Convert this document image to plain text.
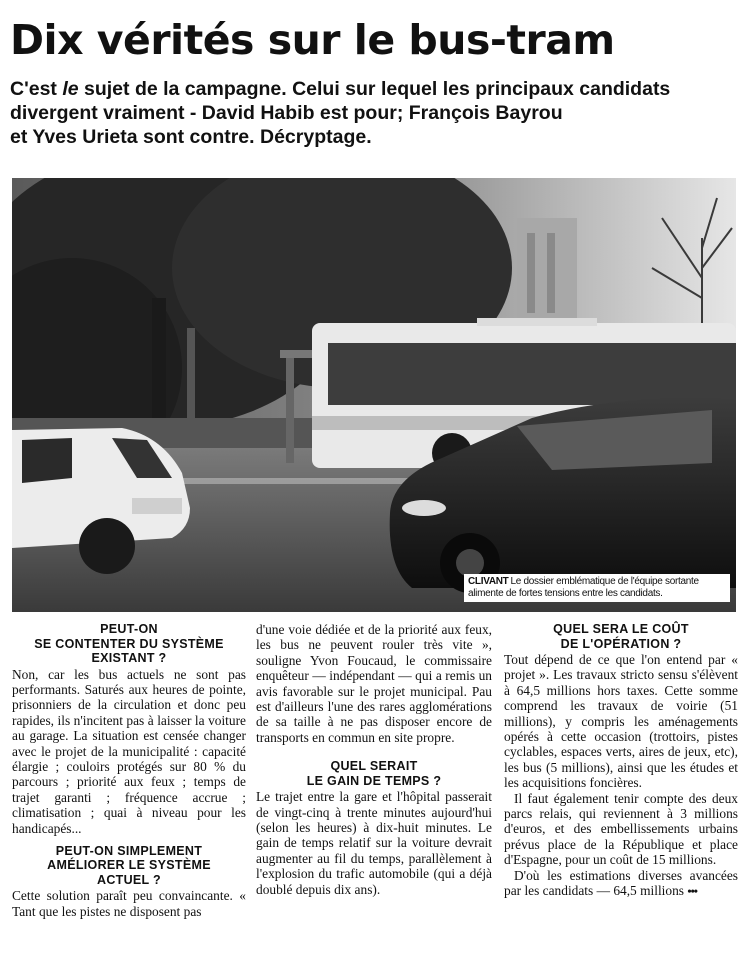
Dix vérités sur le bus-tram

C'est le sujet de la campagne. Celui sur lequel les principaux candidats

divergent vraiment - David Habib est pour; François Bayrou

et Yves Urieta sont contre. Décryptage.

CLIVANT Le dossier emblématique de l'équipe sortante alimente de fortes tensions entre les candidats.
PEUT-ON
SE CONTENTER DU SYSTÈME
EXISTANT ?

Non, car les bus actuels ne sont pas performants. Saturés aux heures de pointe, prisonniers de la circulation et donc peu rapides, ils n'incitent pas à laisser la voiture au garage. La situation est censée changer avec le projet de la municipalité : capacité élargie ; couloirs protégés sur 80 % du parcours ; priorité aux feux ; temps de trajet garanti ; fréquence accrue ; climatisation ; quai à niveau pour les handicapés...

PEUT-ON SIMPLEMENT
AMÉLIORER LE SYSTÈME
ACTUEL ?

Cette solution paraît peu convaincante. « Tant que les pistes ne disposent pas

d'une voie dédiée et de la priorité aux feux, les bus ne peuvent rouler très vite », souligne Yvon Foucaud, le commissaire enquêteur — indépendant — qui a remis un avis favorable sur le projet municipal. Pau est d'ailleurs l'une des rares agglomérations de sa taille à ne pas disposer encore de transports en commun en site propre.

QUEL SERAIT
LE GAIN DE TEMPS ?

Le trajet entre la gare et l'hôpital passerait de vingt-cinq à trente minutes aujourd'hui (selon les heures) à dix-huit minutes. Le gain de temps relatif sur la voiture devrait augmenter au fil du temps, parallèlement à l'explosion du trafic automobile (qui a déjà doublé depuis dix ans).

QUEL SERA LE COÛT
DE L'OPÉRATION ?

Tout dépend de ce que l'on entend par « projet ». Les travaux stricto sensu s'élèvent à 64,5 millions hors taxes. Cette somme comprend les travaux de voirie (51 millions), y compris les aménagements opérés à cette occasion (trottoirs, pistes cyclables, espaces verts, aires de jeux, etc), les bus (5 millions), ainsi que les études et les acquisitions foncières.

Il faut également tenir compte des deux parcs relais, qui reviennent à 3 millions d'euros, et des embellissements urbains prévus place de la République et place d'Espagne, pour un coût de 15 millions.

D'où les estimations diverses avancées par les candidats — 64,5 millions •••
